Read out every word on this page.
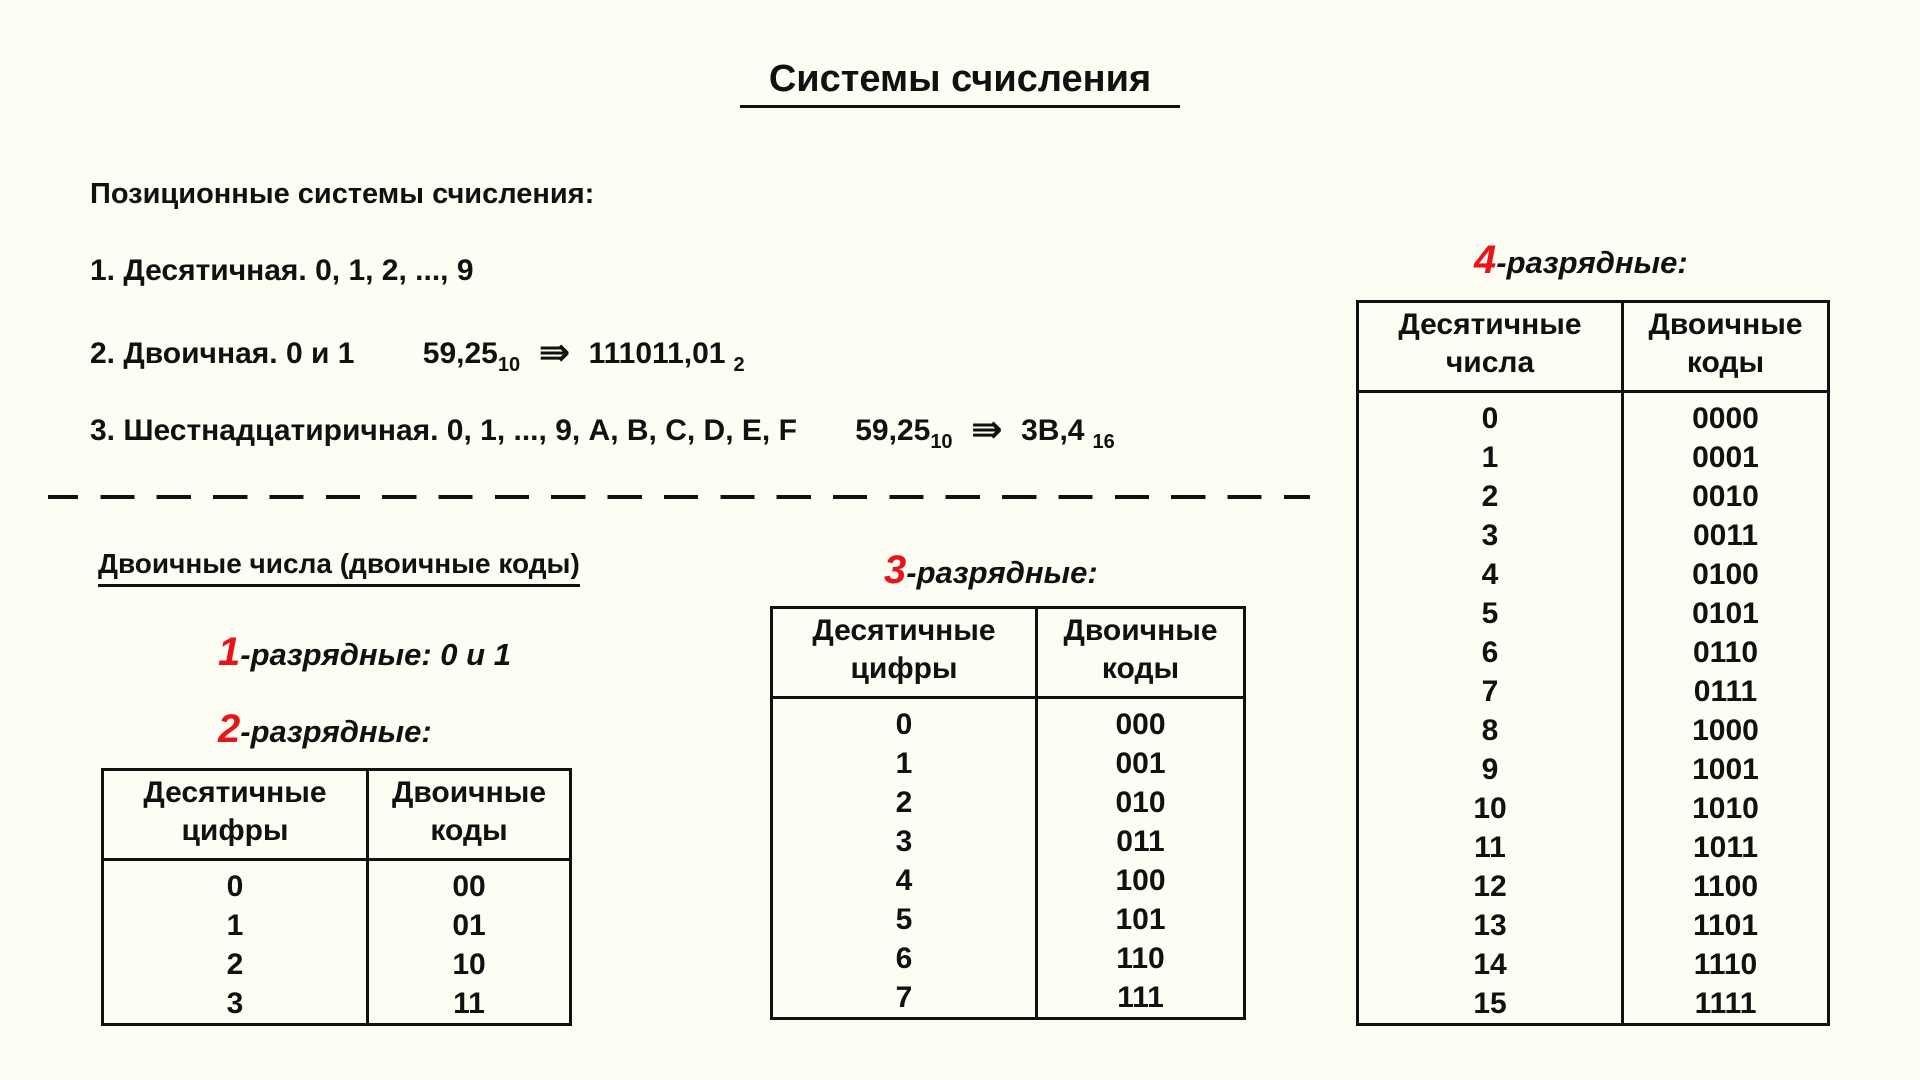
Системы счисления
Позиционные системы счисления:
1. Десятичная. 0, 1, 2, ..., 9
2. Двоичная. 0 и 1 $59,25_{10}$ ⇛ 111011,01 $_2$
3. Шестнадцатиричная. 0, 1, ..., 9, A, B, C, D, E, F $59,25_{10}$ ⇛ 3B,4 $_{16}$
Двоичные числа (двоичные коды)
1-разрядные: 0 и 1
2-разрядные:
Десятичные цифры	Двоичные коды
0	00
1	01
2	10
3	11
3-разрядные:
Десятичные цифры	Двоичные коды
0	000
1	001
2	010
3	011
4	100
5	101
6	110
7	111
4-разрядные:
Десятичные числа	Двоичные коды
0	0000
1	0001
2	0010
3	0011
4	0100
5	0101
6	0110
7	0111
8	1000
9	1001
10	1010
11	1011
12	1100
13	1101
14	1110
15	1111
